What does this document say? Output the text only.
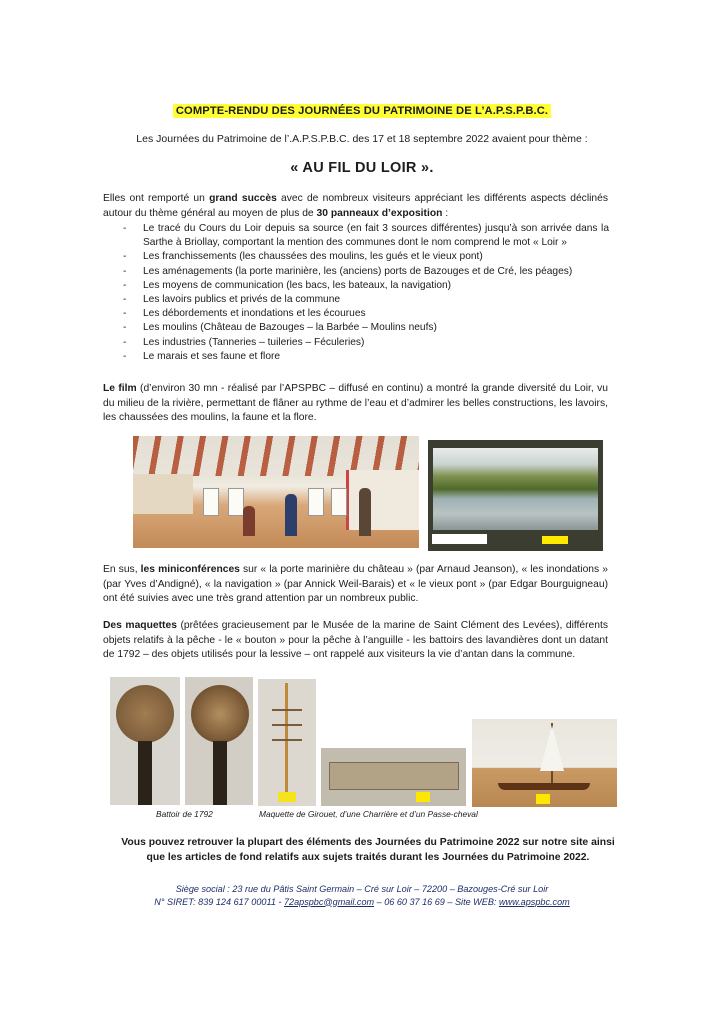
COMPTE-RENDU DES JOURNÉES DU PATRIMOINE DE L’A.P.S.P.B.C.
Les Journées du Patrimoine de l’.A.P.S.P.B.C. des 17 et 18 septembre 2022 avaient pour thème :
« AU FIL DU LOIR ».
Elles ont remporté un grand succès avec de nombreux visiteurs appréciant les différents aspects déclinés autour du thème général au moyen de plus de 30 panneaux d’exposition :
- Le tracé du Cours du Loir depuis sa source (en fait 3 sources différentes) jusqu’à son arrivée dans la Sarthe à Briollay, comportant la mention des communes dont le nom comprend le mot « Loir »
- Les franchissements (les chaussées des moulins, les gués et le vieux pont)
- Les aménagements (la porte marinière, les (anciens) ports de Bazouges et de Cré, les péages)
- Les moyens de communication (les bacs, les bateaux, la navigation)
- Les lavoirs publics et privés de la commune
- Les débordements et inondations et les écourues
- Les moulins (Château de Bazouges – la Barbée – Moulins neufs)
- Les industries (Tanneries – tuileries – Féculeries)
- Le marais et ses faune et flore
Le film (d’environ 30 mn - réalisé par l’APSPBC – diffusé en continu) a montré la grande diversité du Loir, vu du milieu de la rivière, permettant de flâner au rythme de l’eau et d’admirer les belles constructions, les lavoirs, les chaussées des moulins, la faune et la flore.
En sus, les miniconférences sur « la porte marinière du château » (par Arnaud Jeanson), « les inondations » (par Yves d’Andigné), « la navigation » (par Annick Weil-Barais) et « le vieux pont » (par Edgar Bourguigneau) ont été suivies avec une très grand attention par un nombreux public.
Des maquettes (prêtées gracieusement par le Musée de la marine de Saint Clément des Levées), différents objets relatifs à la pêche - le « bouton » pour la pêche à l’anguille - les battoirs des lavandières dont un datant de 1792 – des objets utilisés pour la lessive – ont rappelé aux visiteurs la vie d’antan dans la commune.
Battoir de 1792	Maquette de Girouet, d’une Charrière et d’un Passe-cheval
Vous pouvez retrouver la plupart des éléments des Journées du Patrimoine 2022 sur notre site ainsi que les articles de fond relatifs aux sujets traités durant les Journées du Patrimoine 2022.
Siège social : 23 rue du Pâtis Saint Germain – Cré sur Loir – 72200 – Bazouges-Cré sur Loir
N° SIRET: 839 124 617 00011 - 72apspbc@gmail.com – 06 60 37 16 69 – Site WEB: www.apspbc.com
